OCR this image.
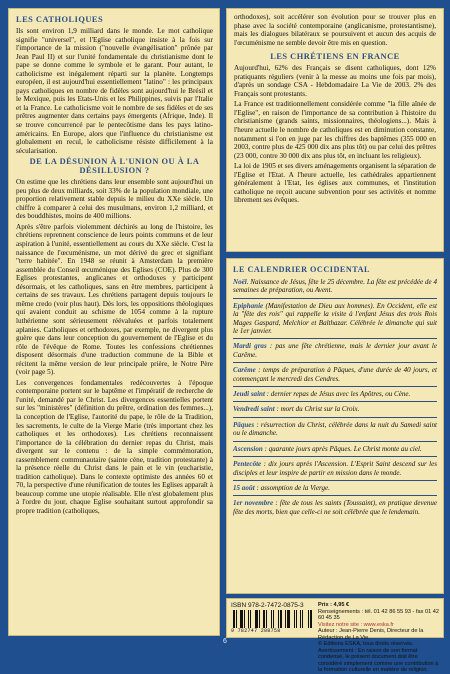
LES CATHOLIQUES

Ils sont environ 1,9 milliard dans le monde. Le mot catholique signifie "universel", et l'Eglise catholique insiste à la fois sur l'importance de la mission ("nouvelle évangélisation" prônée par Jean Paul II) et sur l'unité fondamentale du christianisme dont le pape se donne comme le symbole et le garant. Pour autant, le catholicisme est inégalement réparti sur la planète. Longtemps européen, il est aujourd'hui essentiellement "latino" : les principaux pays catholiques en nombre de fidèles sont aujourd'hui le Brésil et le Mexique, puis les Etats-Unis et les Philippines, suivis par l'Italie et la France. Le catholicisme voit le nombre de ses fidèles et de ses prêtres augmenter dans certains pays émergents (Afrique, Inde). Il se trouve concurrencé par le pentecôtisme dans les pays latino-américains. En Europe, alors que l'influence du christianisme est globalement en recul, le catholicisme résiste difficilement à la sécularisation.

DE LA DÉSUNION À L'UNION OU À LA DÉSILLUSION ?

On estime que les chrétiens dans leur ensemble sont aujourd'hui un peu plus de deux milliards, soit 33% de la population mondiale, une proportion relativement stable depuis le milieu du XXe siècle. Un chiffre à comparer à celui des musulmans, environ 1,2 milliard, et des bouddhistes, moins de 400 millions.

Après s'être parfois violemment déchirés au long de l'histoire, les chrétiens reprennent conscience de leurs points communs et de leur aspiration à l'unité, essentiellement au cours du XXe siècle. C'est la naissance de l'œcuménisme, un mot dérivé du grec et signifiant "terre habitée". En 1948 se réunit à Amsterdam la première assemblée du Conseil œcuménique des Eglises (COE). Plus de 300 Eglises protestantes, anglicanes et orthodoxes y participent désormais, et les catholiques, sans en être membres, participent à certains de ses travaux. Les chrétiens partagent depuis toujours le même credo (voir plus haut). Dès lors, les oppositions théologiques qui avaient conduit au schisme de 1054 comme à la rupture luthérienne sont sérieusement réévaluées et parfois totalement aplanies. Catholiques et orthodoxes, par exemple, ne divergent plus guère que dans leur conception du gouvernement de l'Eglise et du rôle de l'évêque de Rome. Toutes les confessions chrétiennes disposent désormais d'une traduction commune de la Bible et récitent la même version de leur principale prière, le Notre Père (voir page 5).

Les convergences fondamentales redécouvertes à l'époque contemporaine portent sur le baptême et l'impératif de recherche de l'unité, demandé par le Christ. Les divergences essentielles portent sur les "ministères" (définition du prêtre, ordination des femmes...), la conception de l'Eglise, l'autorité du pape, le rôle de la Tradition, les sacrements, le culte de la Vierge Marie (très important chez les catholiques et les orthodoxes). Les chrétiens reconnaissent l'importance de la célébration du dernier repas du Christ, mais divergent sur le contenu : de la simple commémoration, rassemblement communautaire (sainte cène, tradition protestante) à la présence réelle du Christ dans le pain et le vin (eucharistie, tradition catholique). Dans le contexte optimiste des années 60 et 70, la perspective d'une réunification de toutes les Eglises apparaît à beaucoup comme une utopie réalisable. Elle n'est globalement plus à l'ordre du jour, chaque Eglise souhaitant surtout approfondir sa propre tradition (catholiques,

orthodoxes), soit accélérer son évolution pour se trouver plus en phase avec la société contemporaine (anglicanisme, protestantisme), mais les dialogues bilatéraux se poursuivent et aucun des acquis de l'œcuménisme ne semble devoir être mis en question.

LES CHRÉTIENS EN FRANCE

Aujourd'hui, 62% des Français se disent catholiques, dont 12% pratiquants réguliers (venir à la messe au moins une fois par mois), d'après un sondage CSA - Hebdomadaire La Vie de 2003. 2% des Français sont protestants.

La France est traditionnellement considérée comme "la fille aînée de l'Eglise", en raison de l'importance de sa contribution à l'histoire du christianisme (grands saints, missionnaires, théologiens...). Mais à l'heure actuelle le nombre de catholiques est en diminution constante, notamment si l'on en juge par les chiffres des baptêmes (355 000 en 2003, contre plus de 425 000 dix ans plus tôt) ou par celui des prêtres (23 000, contre 30 000 dix ans plus tôt, en incluant les religieux).

La loi de 1905 et ses divers aménagements organisent la séparation de l'Eglise et l'Etat. A l'heure actuelle, les cathédrales appartiennent généralement à l'Etat, les églises aux communes, et l'institution catholique ne reçoit aucune subvention pour ses activités et nomme librement ses évêques.

LE CALENDRIER OCCIDENTAL

Noël. Naissance de Jésus, fête le 25 décembre. La fête est précédée de 4 semaines de préparation, ou Avent.

Epiphanie (Manifestation de Dieu aux hommes). En Occident, elle est la "fête des rois" qui rappelle la visite à l'enfant Jésus des trois Rois Mages Gaspard, Melchior et Balthazar. Célébrée le dimanche qui suit le 1er janvier.

Mardi gras : pas une fête chrétienne, mais le dernier jour avant le Carême.

Carême : temps de préparation à Pâques, d'une durée de 40 jours, et commençant le mercredi des Cendres.

Jeudi saint : dernier repas de Jésus avec les Apôtres, ou Cène.

Vendredi saint : mort du Christ sur la Croix.

Pâques : résurrection du Christ, célébrée dans la nuit du Samedi saint ou le dimanche.

Ascension : quarante jours après Pâques. Le Christ monte au ciel.

Pentecôte : dix jours après l'Ascension. L'Esprit Saint descend sur les disciples et leur inspire de partir en mission dans le monde.

15 août : assomption de la Vierge.

1er novembre : fête de tous les saints (Toussaint), en pratique devenue fête des morts, bien que celle-ci ne soit célébrée que le lendemain.

ISBN 978-2-7472-0875-3
9 782747 208758
Prix : 4,95 €
Renseignements : tél. 01 42 86 55 93 - fax 01 42 60 45 35
Visitez notre site : www.eska.fr
Auteur : Jean-Pierre Denis, Directeur de la Rédaction de La Vie.
© Editions ESKA, tous droits réservés.
Avertissement : En raison de son format condensé, le présent document doit être considéré simplement comme une contribution à la formation culturelle en matière de religion.
6
